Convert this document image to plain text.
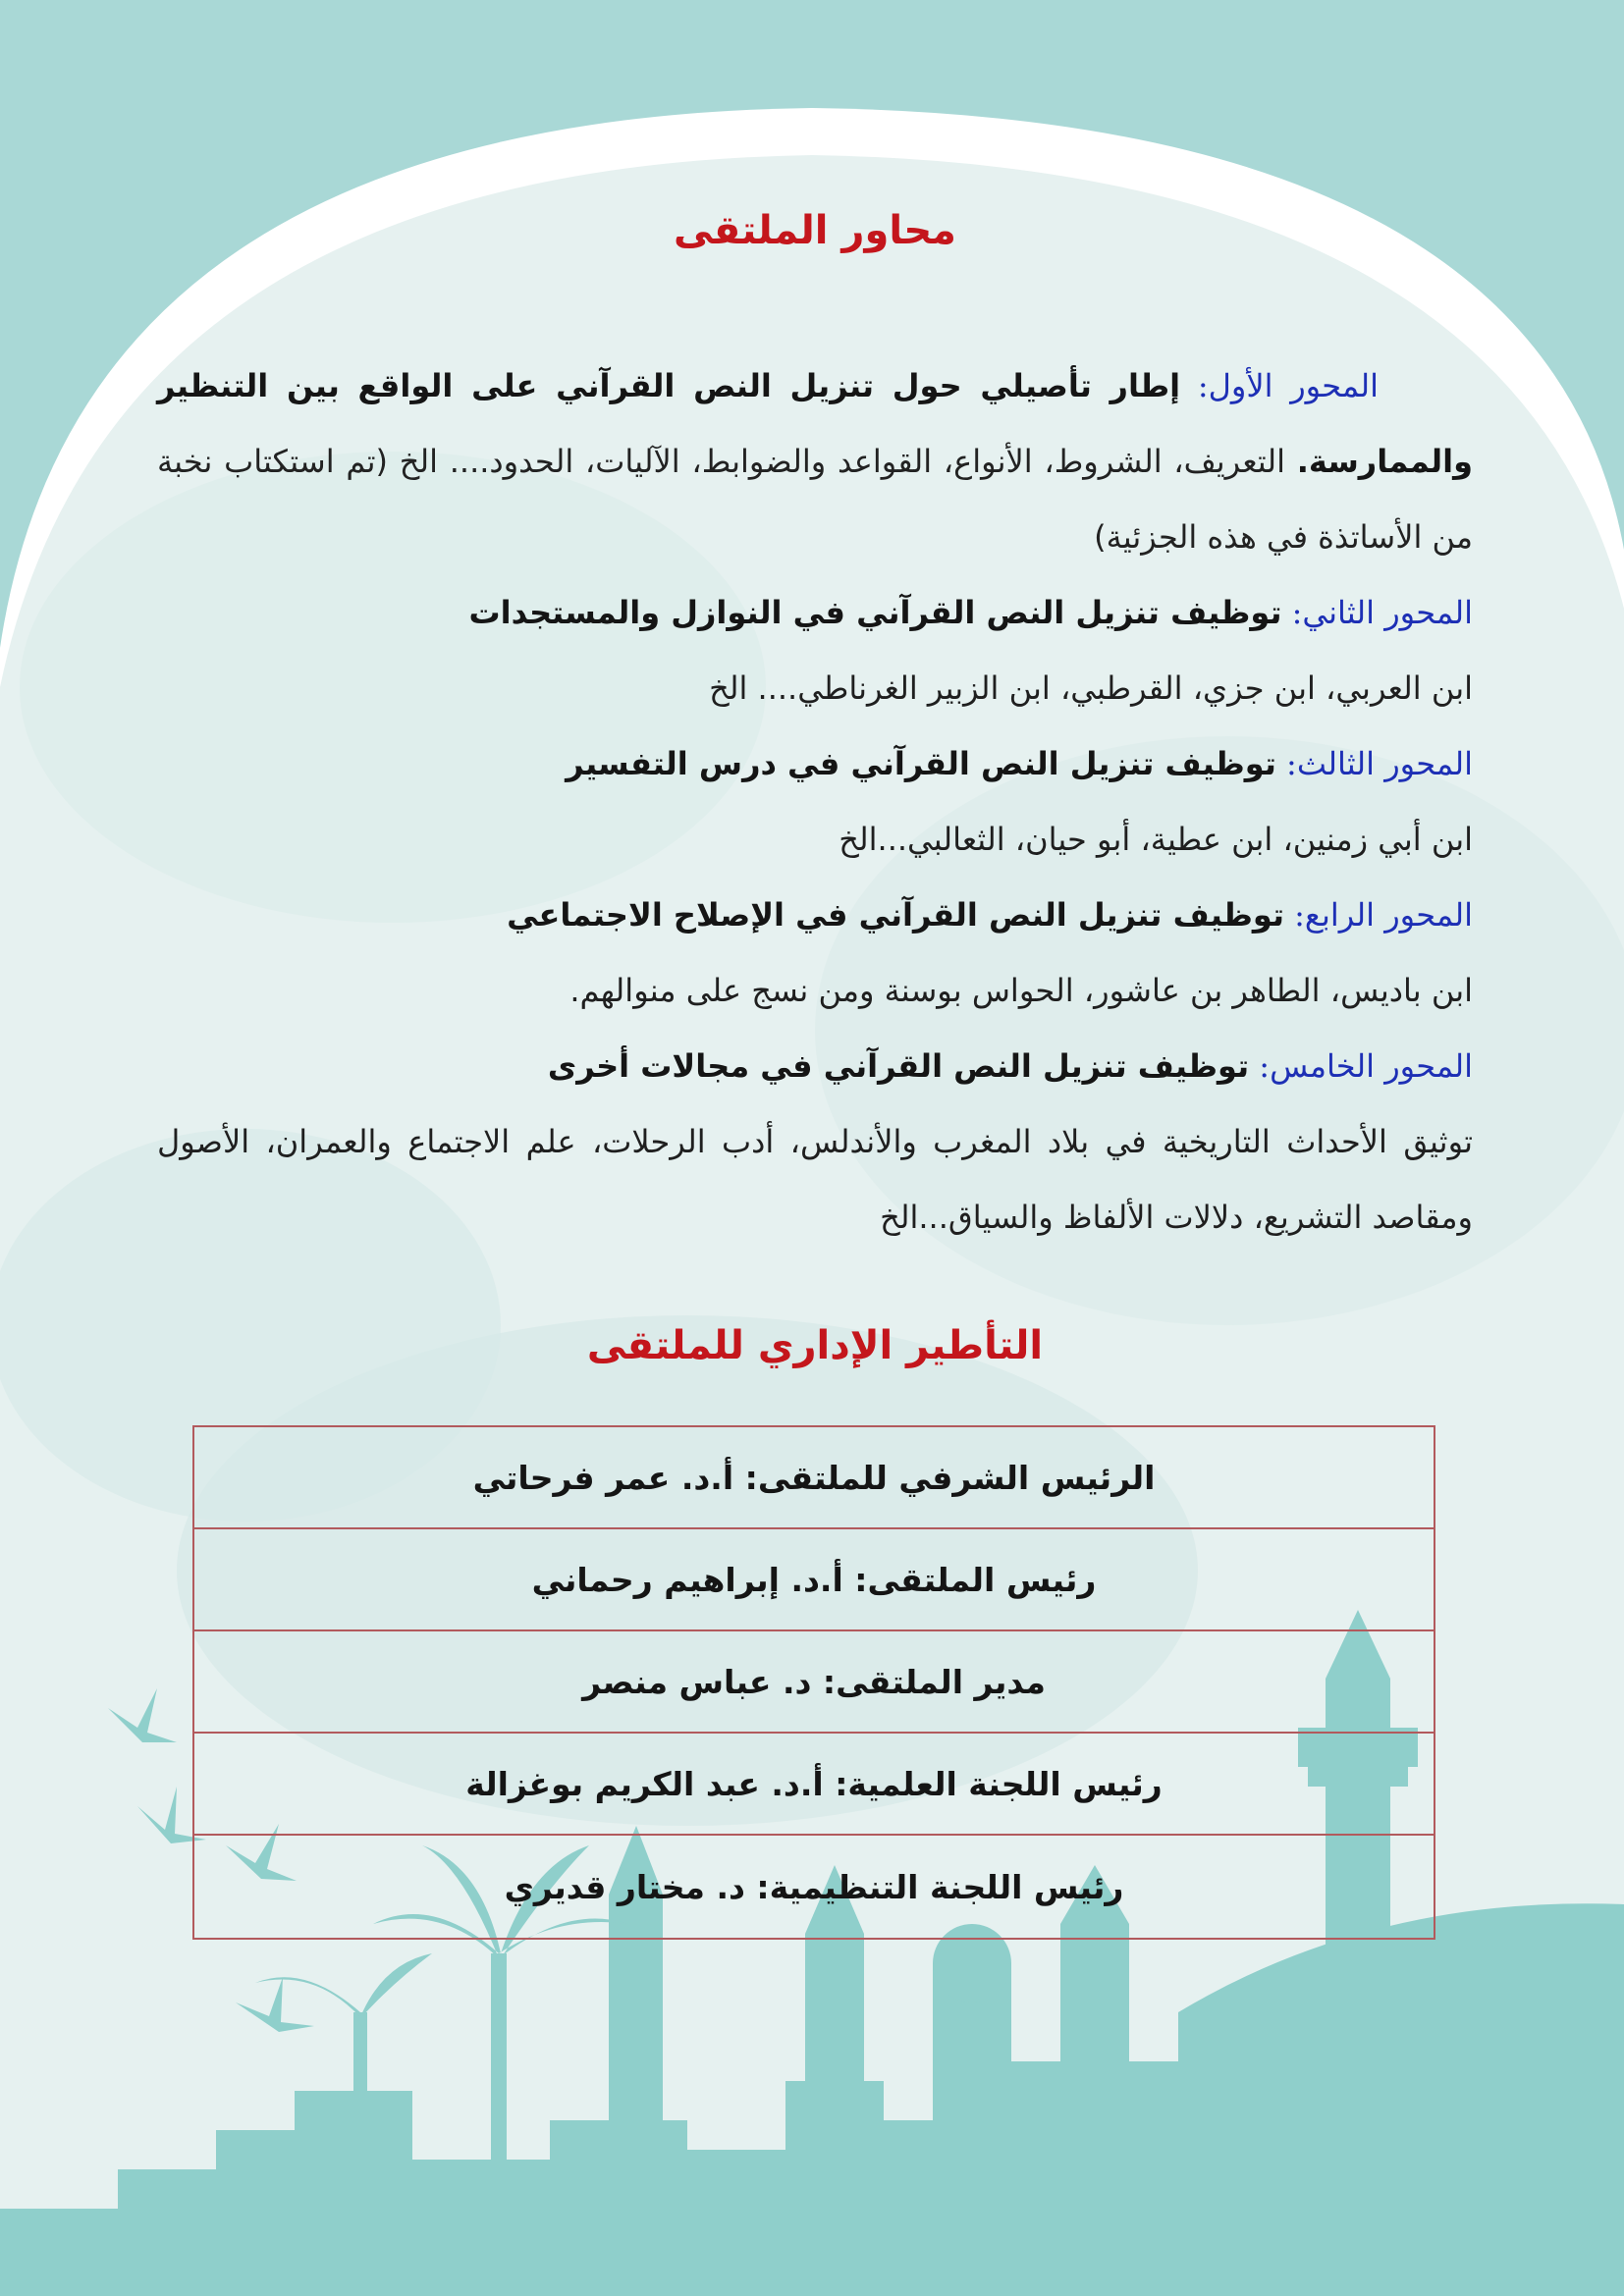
محاور الملتقى

المحور الأول: إطار تأصيلي حول تنزيل النص القرآني على الواقع بين التنظير والممارسة. التعريف، الشروط، الأنواع، القواعد والضوابط، الآليات، الحدود.... الخ (تم استكتاب نخبة من الأساتذة في هذه الجزئية)

المحور الثاني: توظيف تنزيل النص القرآني في النوازل والمستجدات

ابن العربي، ابن جزي، القرطبي، ابن الزبير الغرناطي.... الخ

المحور الثالث: توظيف تنزيل النص القرآني في درس التفسير

ابن أبي زمنين، ابن عطية، أبو حيان، الثعالبي...الخ

المحور الرابع: توظيف تنزيل النص القرآني في الإصلاح الاجتماعي

ابن باديس، الطاهر بن عاشور، الحواس بوسنة ومن نسج على منوالهم.

المحور الخامس: توظيف تنزيل النص القرآني في مجالات أخرى

توثيق الأحداث التاريخية في بلاد المغرب والأندلس، أدب الرحلات، علم الاجتماع والعمران، الأصول ومقاصد التشريع، دلالات الألفاظ والسياق...الخ

التأطير الإداري للملتقى
الرئيس الشرفي للملتقى: أ.د. عمر فرحاتي
رئيس الملتقى: أ.د. إبراهيم رحماني
مدير الملتقى: د. عباس منصر
رئيس اللجنة العلمية: أ.د. عبد الكريم بوغزالة
رئيس اللجنة التنظيمية: د. مختار قديري
